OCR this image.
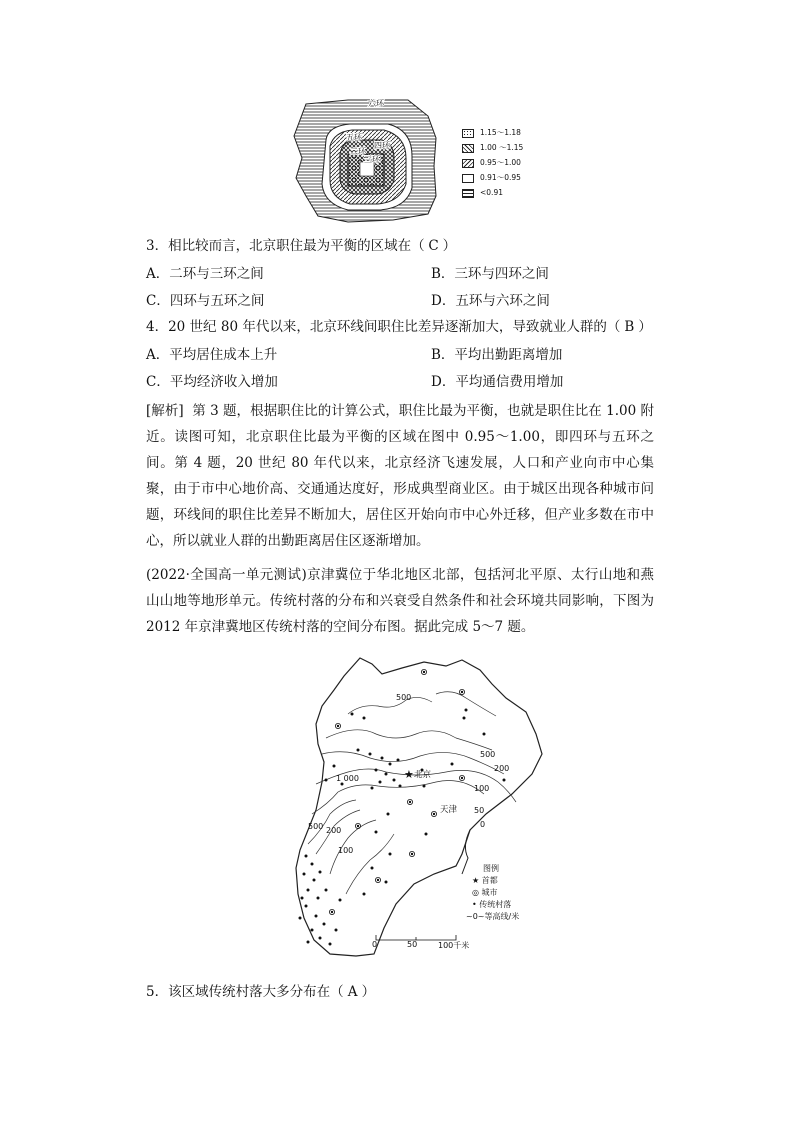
六环
五环
四环
二环
三环
1.15～1.18
1.00 ～1.15
0.95～1.00
0.91～0.95
<0.91
3．相比较而言，北京职住最为平衡的区域在（ C ）
A．二环与三环之间	B．三环与四环之间
C．四环与五环之间	D．五环与六环之间
4．20 世纪 80 年代以来，北京环线间职住比差异逐渐加大，导致就业人群的（ B ）
A．平均居住成本上升	B．平均出勤距离增加
C．平均经济收入增加	D．平均通信费用增加
[解析] 第 3 题，根据职住比的计算公式，职住比最为平衡，也就是职住比在 1.00 附近。读图可知，北京职住比最为平衡的区域在图中 0.95～1.00，即四环与五环之间。第 4 题，20 世纪 80 年代以来，北京经济飞速发展，人口和产业向市中心集聚，由于市中心地价高、交通通达度好，形成典型商业区。由于城区出现各种城市问题，环线间的职住比差异不断加大，居住区开始向市中心外迁移，但产业多数在市中心，所以就业人群的出勤距离居住区逐渐增加。
(2022·全国高一单元测试)京津冀位于华北地区北部，包括河北平原、太行山地和燕山山地等地形单元。传统村落的分布和兴衰受自然条件和社会环境共同影响，下图为 2012 年京津冀地区传统村落的空间分布图。据此完成 5～7 题。
★
500
500
200
100
50
0
1 000
500 200
100
北京
天津
图例
★ 首都
◎ 城市
• 传统村落
~0~等高线/米
0	50	100千米
5．该区域传统村落大多分布在（ A ）
